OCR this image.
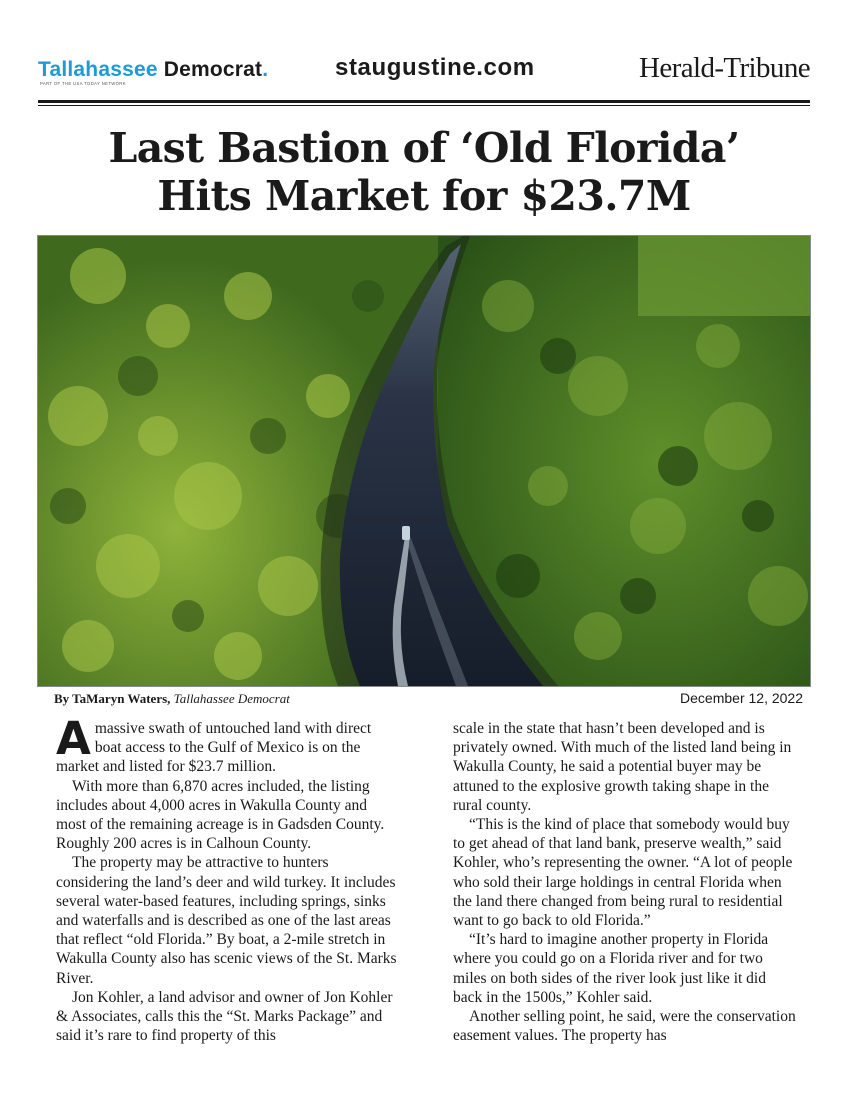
Tallahassee Democrat.
PART OF THE USA TODAY NETWORK
staugustine.com	Herald-Tribune
Last Bastion of ‘Old Florida’
Hits Market for $23.7M
By TaMaryn Waters, Tallahassee Democrat	December 12, 2022

Amassive swath of untouched land with direct boat access to the Gulf of Mexico is on the market and listed for $23.7 million.

With more than 6,870 acres included, the listing includes about 4,000 acres in Wakulla County and most of the remaining acreage is in Gadsden County. Roughly 200 acres is in Calhoun County.

The property may be attractive to hunters considering the land’s deer and wild turkey. It includes several water-based features, including springs, sinks and waterfalls and is described as one of the last areas that reflect “old Florida.” By boat, a 2-mile stretch in Wakulla County also has scenic views of the St. Marks River.

Jon Kohler, a land advisor and owner of Jon Kohler & Associates, calls this the “St. Marks Package” and said it’s rare to find property of this

scale in the state that hasn’t been developed and is privately owned. With much of the listed land being in Wakulla County, he said a potential buyer may be attuned to the explosive growth taking shape in the rural county.

“This is the kind of place that somebody would buy to get ahead of that land bank, preserve wealth,” said Kohler, who’s representing the owner. “A lot of people who sold their large holdings in central Florida when the land there changed from being rural to residential want to go back to old Florida.”

“It’s hard to imagine another property in Florida where you could go on a Florida river and for two miles on both sides of the river look just like it did back in the 1500s,” Kohler said.

Another selling point, he said, were the conservation easement values. The property has
